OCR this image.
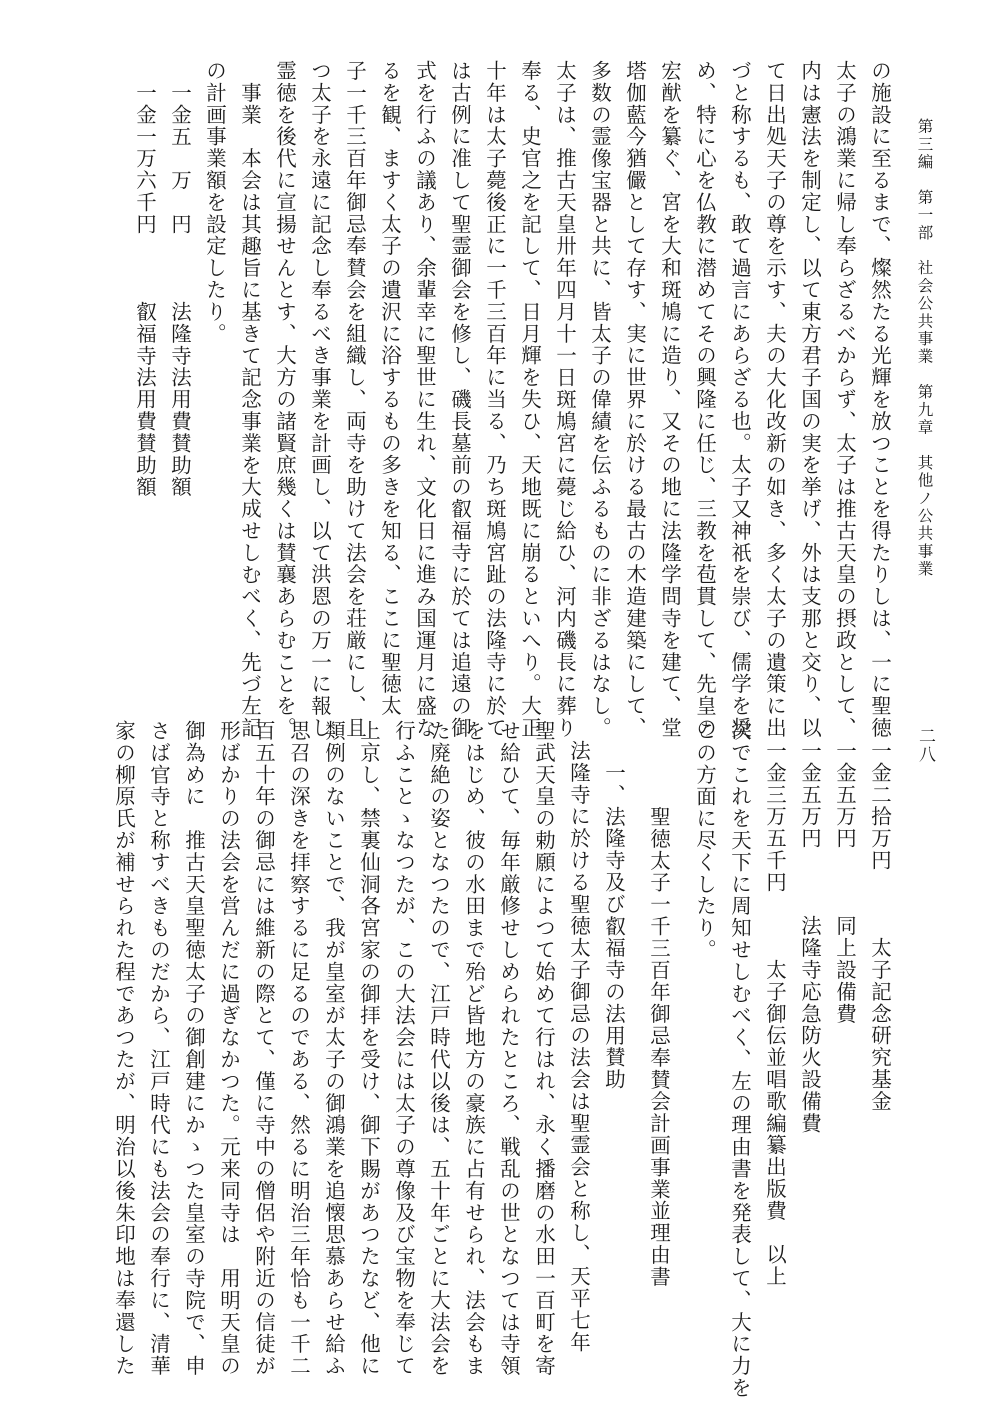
第三編　第一部　社会公共事業　第九章　其他ノ公共事業
二八
の施設に至るまで、燦然たる光輝を放つことを得たりしは、一に聖徳
太子の鴻業に帰し奉らざるべからず、太子は推古天皇の摂政として、
内は憲法を制定し、以て東方君子国の実を挙げ、外は支那と交り、以
て日出処天子の尊を示す、夫の大化改新の如き、多く太子の遺策に出
づと称するも、敢て過言にあらざる也。太子又神祇を崇び、儒学を奨
め、特に心を仏教に潜めてその興隆に任じ、三教を苞貫して、先皇の
宏猷を纂ぐ、宮を大和斑鳩に造り、又その地に法隆学問寺を建て、堂
塔伽藍今猶儼として存す、実に世界に於ける最古の木造建築にして、
多数の霊像宝器と共に、皆太子の偉績を伝ふるものに非ざるはなし。
太子は、推古天皇卅年四月十一日斑鳩宮に薨じ給ひ、河内磯長に葬り
奉る、史官之を記して、日月輝を失ひ、天地既に崩るといへり。大正
十年は太子薨後正に一千三百年に当る、乃ち斑鳩宮趾の法隆寺に於て
は古例に准して聖霊御会を修し、磯長墓前の叡福寺に於ては追遠の御
式を行ふの議あり、余輩幸に聖世に生れ、文化日に進み国運月に盛な
るを観、ますく太子の遺沢に浴するもの多きを知る、ここに聖徳太
子一千三百年御忌奉賛会を組織し、両寺を助けて法会を荘厳にし、且
つ太子を永遠に記念し奉るべき事業を計画し、以て洪恩の万一に報し
霊徳を後代に宣揚せんとす、大方の諸賢庶幾くは賛襄あらむことを。
事業　本会は其趣旨に基きて記念事業を大成せしむべく、先づ左記
の計画事業額を設定したり。
一金五　万　円　　　法隆寺法用費賛助額
一金一万六千円　　　叡福寺法用費賛助額
一金二拾万円　　　太子記念研究基金
一金五万円　　　同上設備費
一金五万円　　　法隆寺応急防火設備費
一金三万五千円　　　太子御伝並唱歌編纂出版費　以上
次でこれを天下に周知せしむべく、左の理由書を発表して、大に力を
この方面に尽くしたり。
聖徳太子一千三百年御忌奉賛会計画事業並理由書
一、法隆寺及び叡福寺の法用賛助
法隆寺に於ける聖徳太子御忌の法会は聖霊会と称し、天平七年
聖武天皇の勅願によつて始めて行はれ、永く播磨の水田一百町を寄
せ給ひて、毎年厳修せしめられたところ、戦乱の世となつては寺領
をはじめ、彼の水田まで殆ど皆地方の豪族に占有せられ、法会もま
た廃絶の姿となつたので、江戸時代以後は、五十年ごとに大法会を
行ふことゝなつたが、この大法会には太子の尊像及び宝物を奉じて
上京し、禁裏仙洞各宮家の御拝を受け、御下賜があつたなど、他に
類例のないことで、我が皇室が太子の御鴻業を追懐思慕あらせ給ふ
思召の深きを拝察するに足るのである、然るに明治三年恰も一千二
百五十年の御忌には維新の際とて、僅に寺中の僧侶や附近の信徒が
形ばかりの法会を営んだに過ぎなかつた。元来同寺は　用明天皇の
御為めに　推古天皇聖徳太子の御創建にかゝつた皇室の寺院で、申
さば官寺と称すべきものだから、江戸時代にも法会の奉行に、清華
家の柳原氏が補せられた程であつたが、明治以後朱印地は奉還した
